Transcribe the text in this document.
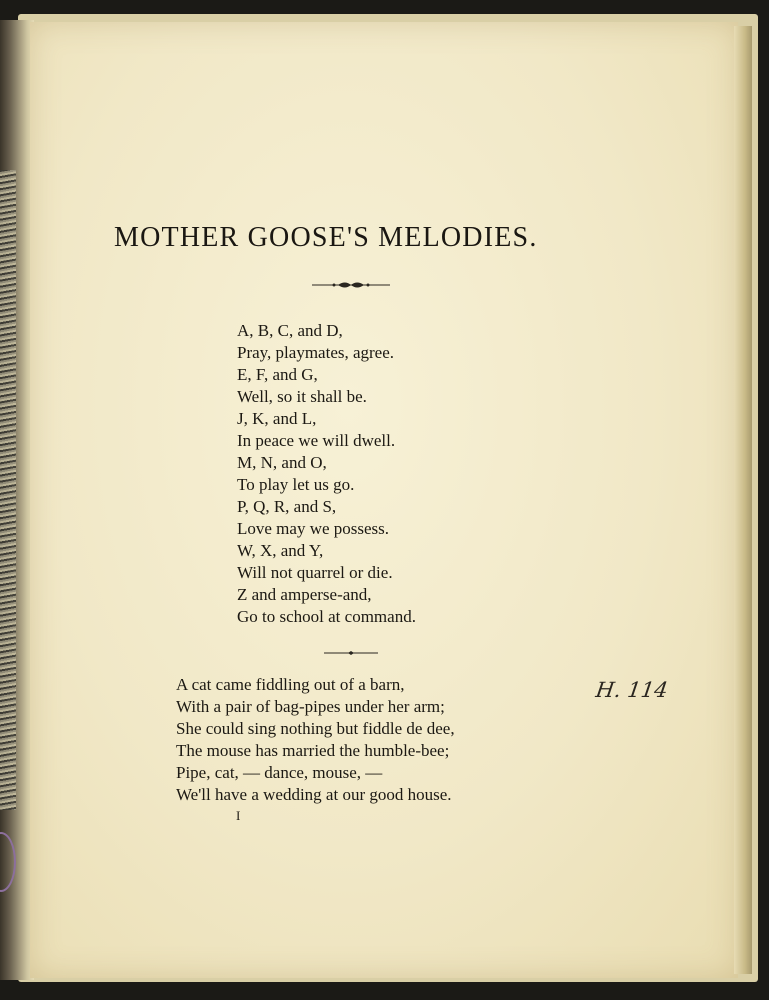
MOTHER GOOSE'S MELODIES.
A, B, C, and D,
Pray, playmates, agree.
E, F, and G,
Well, so it shall be.
J, K, and L,
In peace we will dwell.
M, N, and O,
To play let us go.
P, Q, R, and S,
Love may we possess.
W, X, and Y,
Will not quarrel or die.
Z and amperse-and,
Go to school at command.
A cat came fiddling out of a barn,
With a pair of bag-pipes under her arm;
She could sing nothing but fiddle de dee,
The mouse has married the humble-bee;
Pipe, cat, — dance, mouse, —
We'll have a wedding at our good house.
I
H. 114
